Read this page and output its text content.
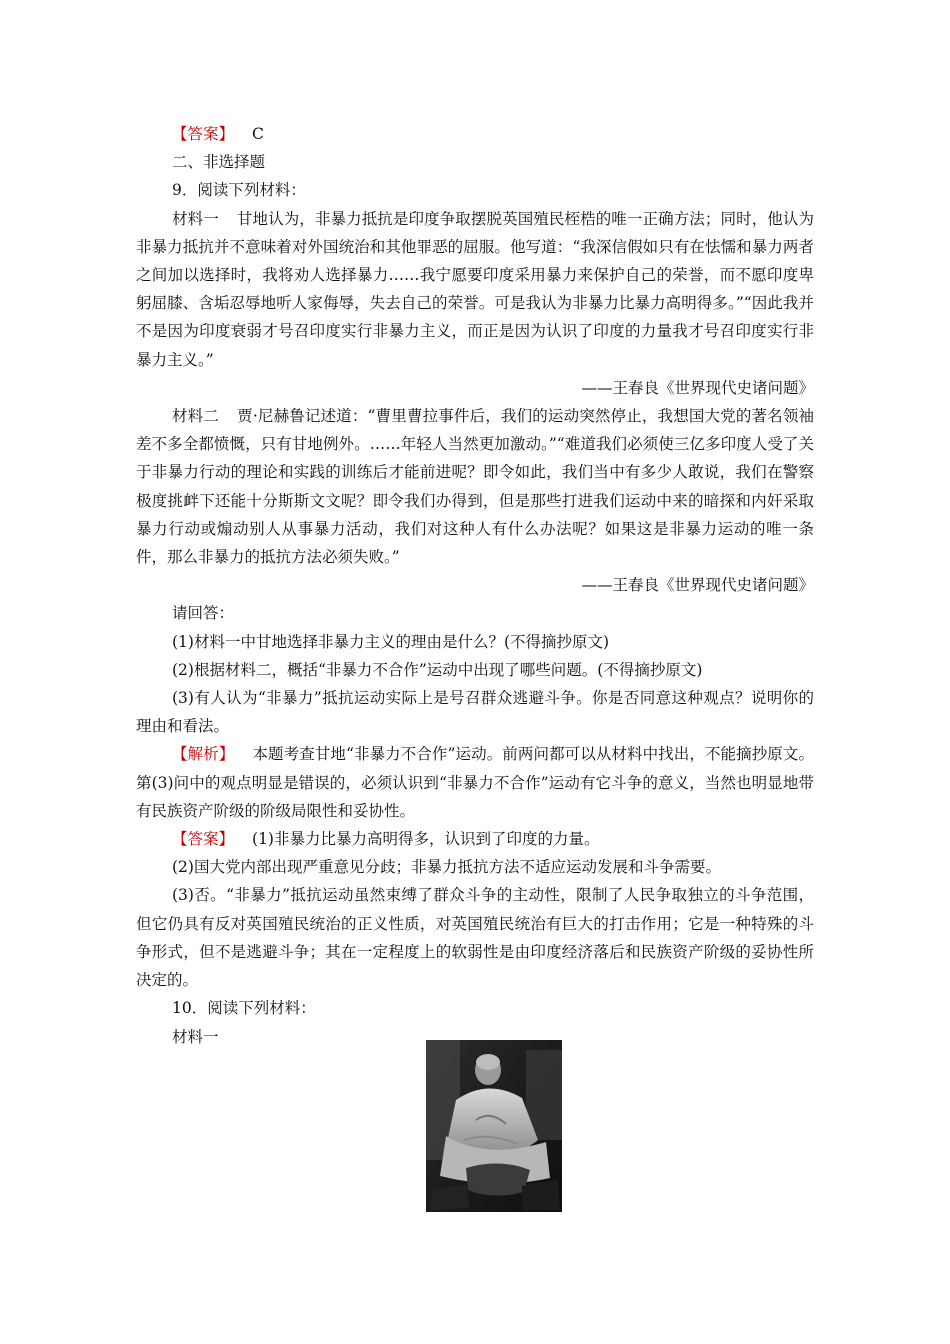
【答案】 C

二、非选择题

9．阅读下列材料：

材料一 甘地认为，非暴力抵抗是印度争取摆脱英国殖民桎梏的唯一正确方法；同时，他认为非暴力抵抗并不意味着对外国统治和其他罪恶的屈服。他写道：“我深信假如只有在怯懦和暴力两者之间加以选择时，我将劝人选择暴力……我宁愿要印度采用暴力来保护自己的荣誉，而不愿印度卑躬屈膝、含垢忍辱地听人家侮辱，失去自己的荣誉。可是我认为非暴力比暴力高明得多。”“因此我并不是因为印度衰弱才号召印度实行非暴力主义，而正是因为认识了印度的力量我才号召印度实行非暴力主义。”

——王春良《世界现代史诸问题》

材料二 贾·尼赫鲁记述道：“曹里曹拉事件后，我们的运动突然停止，我想国大党的著名领袖差不多全都愤慨，只有甘地例外。……年轻人当然更加激动。”“难道我们必须使三亿多印度人受了关于非暴力行动的理论和实践的训练后才能前进呢？即令如此，我们当中有多少人敢说，我们在警察极度挑衅下还能十分斯斯文文呢？即令我们办得到，但是那些打进我们运动中来的暗探和内奸采取暴力行动或煽动别人从事暴力活动，我们对这种人有什么办法呢？如果这是非暴力运动的唯一条件，那么非暴力的抵抗方法必须失败。”

——王春良《世界现代史诸问题》

请回答：

(1)材料一中甘地选择非暴力主义的理由是什么？(不得摘抄原文)

(2)根据材料二，概括“非暴力不合作”运动中出现了哪些问题。(不得摘抄原文)

(3)有人认为“非暴力”抵抗运动实际上是号召群众逃避斗争。你是否同意这种观点？说明你的理由和看法。

【解析】 本题考查甘地“非暴力不合作”运动。前两问都可以从材料中找出，不能摘抄原文。第(3)问中的观点明显是错误的，必须认识到“非暴力不合作”运动有它斗争的意义，当然也明显地带有民族资产阶级的阶级局限性和妥协性。

【答案】 (1)非暴力比暴力高明得多，认识到了印度的力量。

(2)国大党内部出现严重意见分歧；非暴力抵抗方法不适应运动发展和斗争需要。

(3)否。“非暴力”抵抗运动虽然束缚了群众斗争的主动性，限制了人民争取独立的斗争范围，但它仍具有反对英国殖民统治的正义性质，对英国殖民统治有巨大的打击作用；它是一种特殊的斗争形式，但不是逃避斗争；其在一定程度上的软弱性是由印度经济落后和民族资产阶级的妥协性所决定的。

10．阅读下列材料：

材料一
